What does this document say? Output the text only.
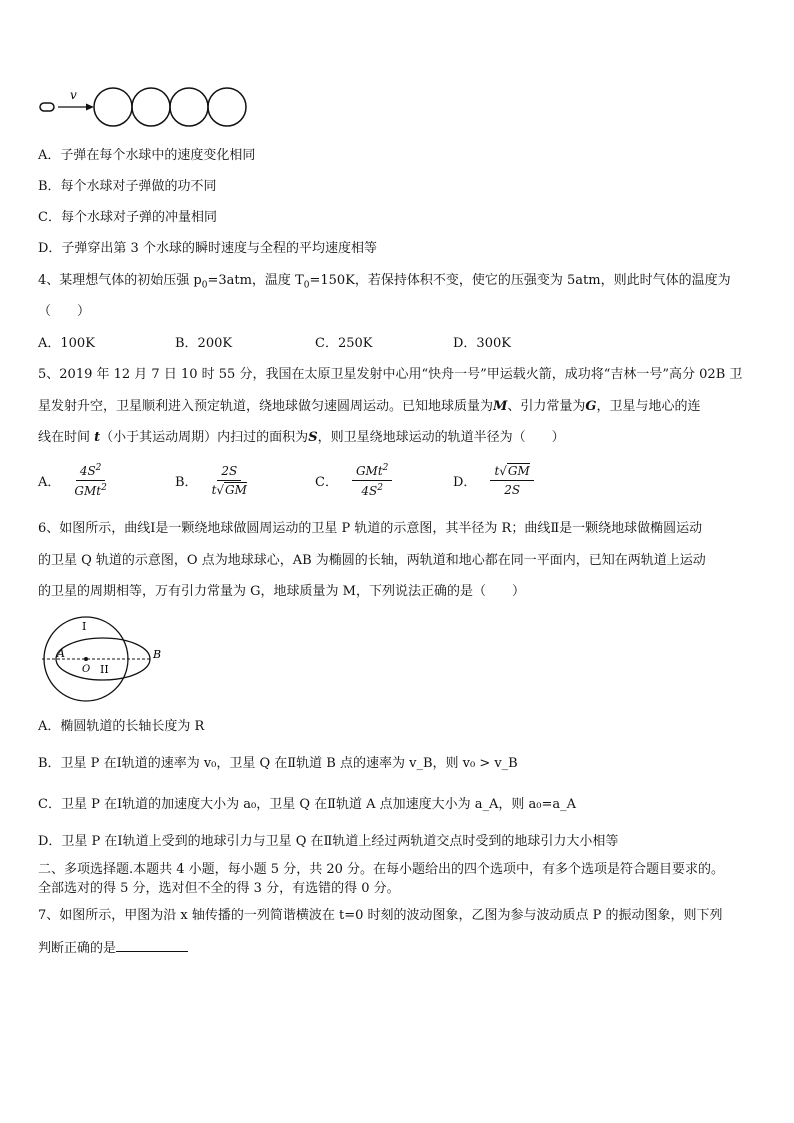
v
A．子弹在每个水球中的速度变化相同
B．每个水球对子弹做的功不同
C．每个水球对子弹的冲量相同
D．子弹穿出第 3 个水球的瞬时速度与全程的平均速度相等
4、某理想气体的初始压强 $p_0=3atm$，温度 $T_0=150K$，若保持体积不变，使它的压强变为 5atm，则此时气体的温度为
（　　）
A．100K	B．200K	C．250K	D．300K
5、2019 年 12 月 7 日 10 时 55 分，我国在太原卫星发射中心用“快舟一号”甲运载火箭，成功将“吉林一号”高分 02B 卫
星发射升空，卫星顺利进入预定轨道，绕地球做匀速圆周运动。已知地球质量为M、引力常量为G，卫星与地心的连
线在时间 t（小于其运动周期）内扫过的面积为S，则卫星绕地球运动的轨道半径为（　　）
A． $\frac{4S^2}{GMt^2}$	B． $\frac{2S}{t√GM}$	C． $\frac{GMt^2}{4S^2}$	D． $\frac{t√GM}{2S}$
6、如图所示，曲线Ⅰ是一颗绕地球做圆周运动的卫星 P 轨道的示意图，其半径为 R；曲线Ⅱ是一颗绕地球做椭圆运动
的卫星 Q 轨道的示意图，O 点为地球球心，AB 为椭圆的长轴，两轨道和地心都在同一平面内，已知在两轨道上运动
的卫星的周期相等，万有引力常量为 G，地球质量为 M，下列说法正确的是（　　）
I
II
A
O
B
A．椭圆轨道的长轴长度为 R
B．卫星 P 在Ⅰ轨道的速率为 v₀，卫星 Q 在Ⅱ轨道 B 点的速率为 v_B，则 v₀ > v_B
C．卫星 P 在Ⅰ轨道的加速度大小为 a₀，卫星 Q 在Ⅱ轨道 A 点加速度大小为 a_A，则 a₀=a_A
D．卫星 P 在Ⅰ轨道上受到的地球引力与卫星 Q 在Ⅱ轨道上经过两轨道交点时受到的地球引力大小相等
二、多项选择题.本题共 4 小题，每小题 5 分，共 20 分。在每小题给出的四个选项中，有多个选项是符合题目要求的。
全部选对的得 5 分，选对但不全的得 3 分，有选错的得 0 分。
7、如图所示，甲图为沿 x 轴传播的一列简谐横波在 t=0 时刻的波动图象，乙图为参与波动质点 P 的振动图象，则下列
判断正确的是
